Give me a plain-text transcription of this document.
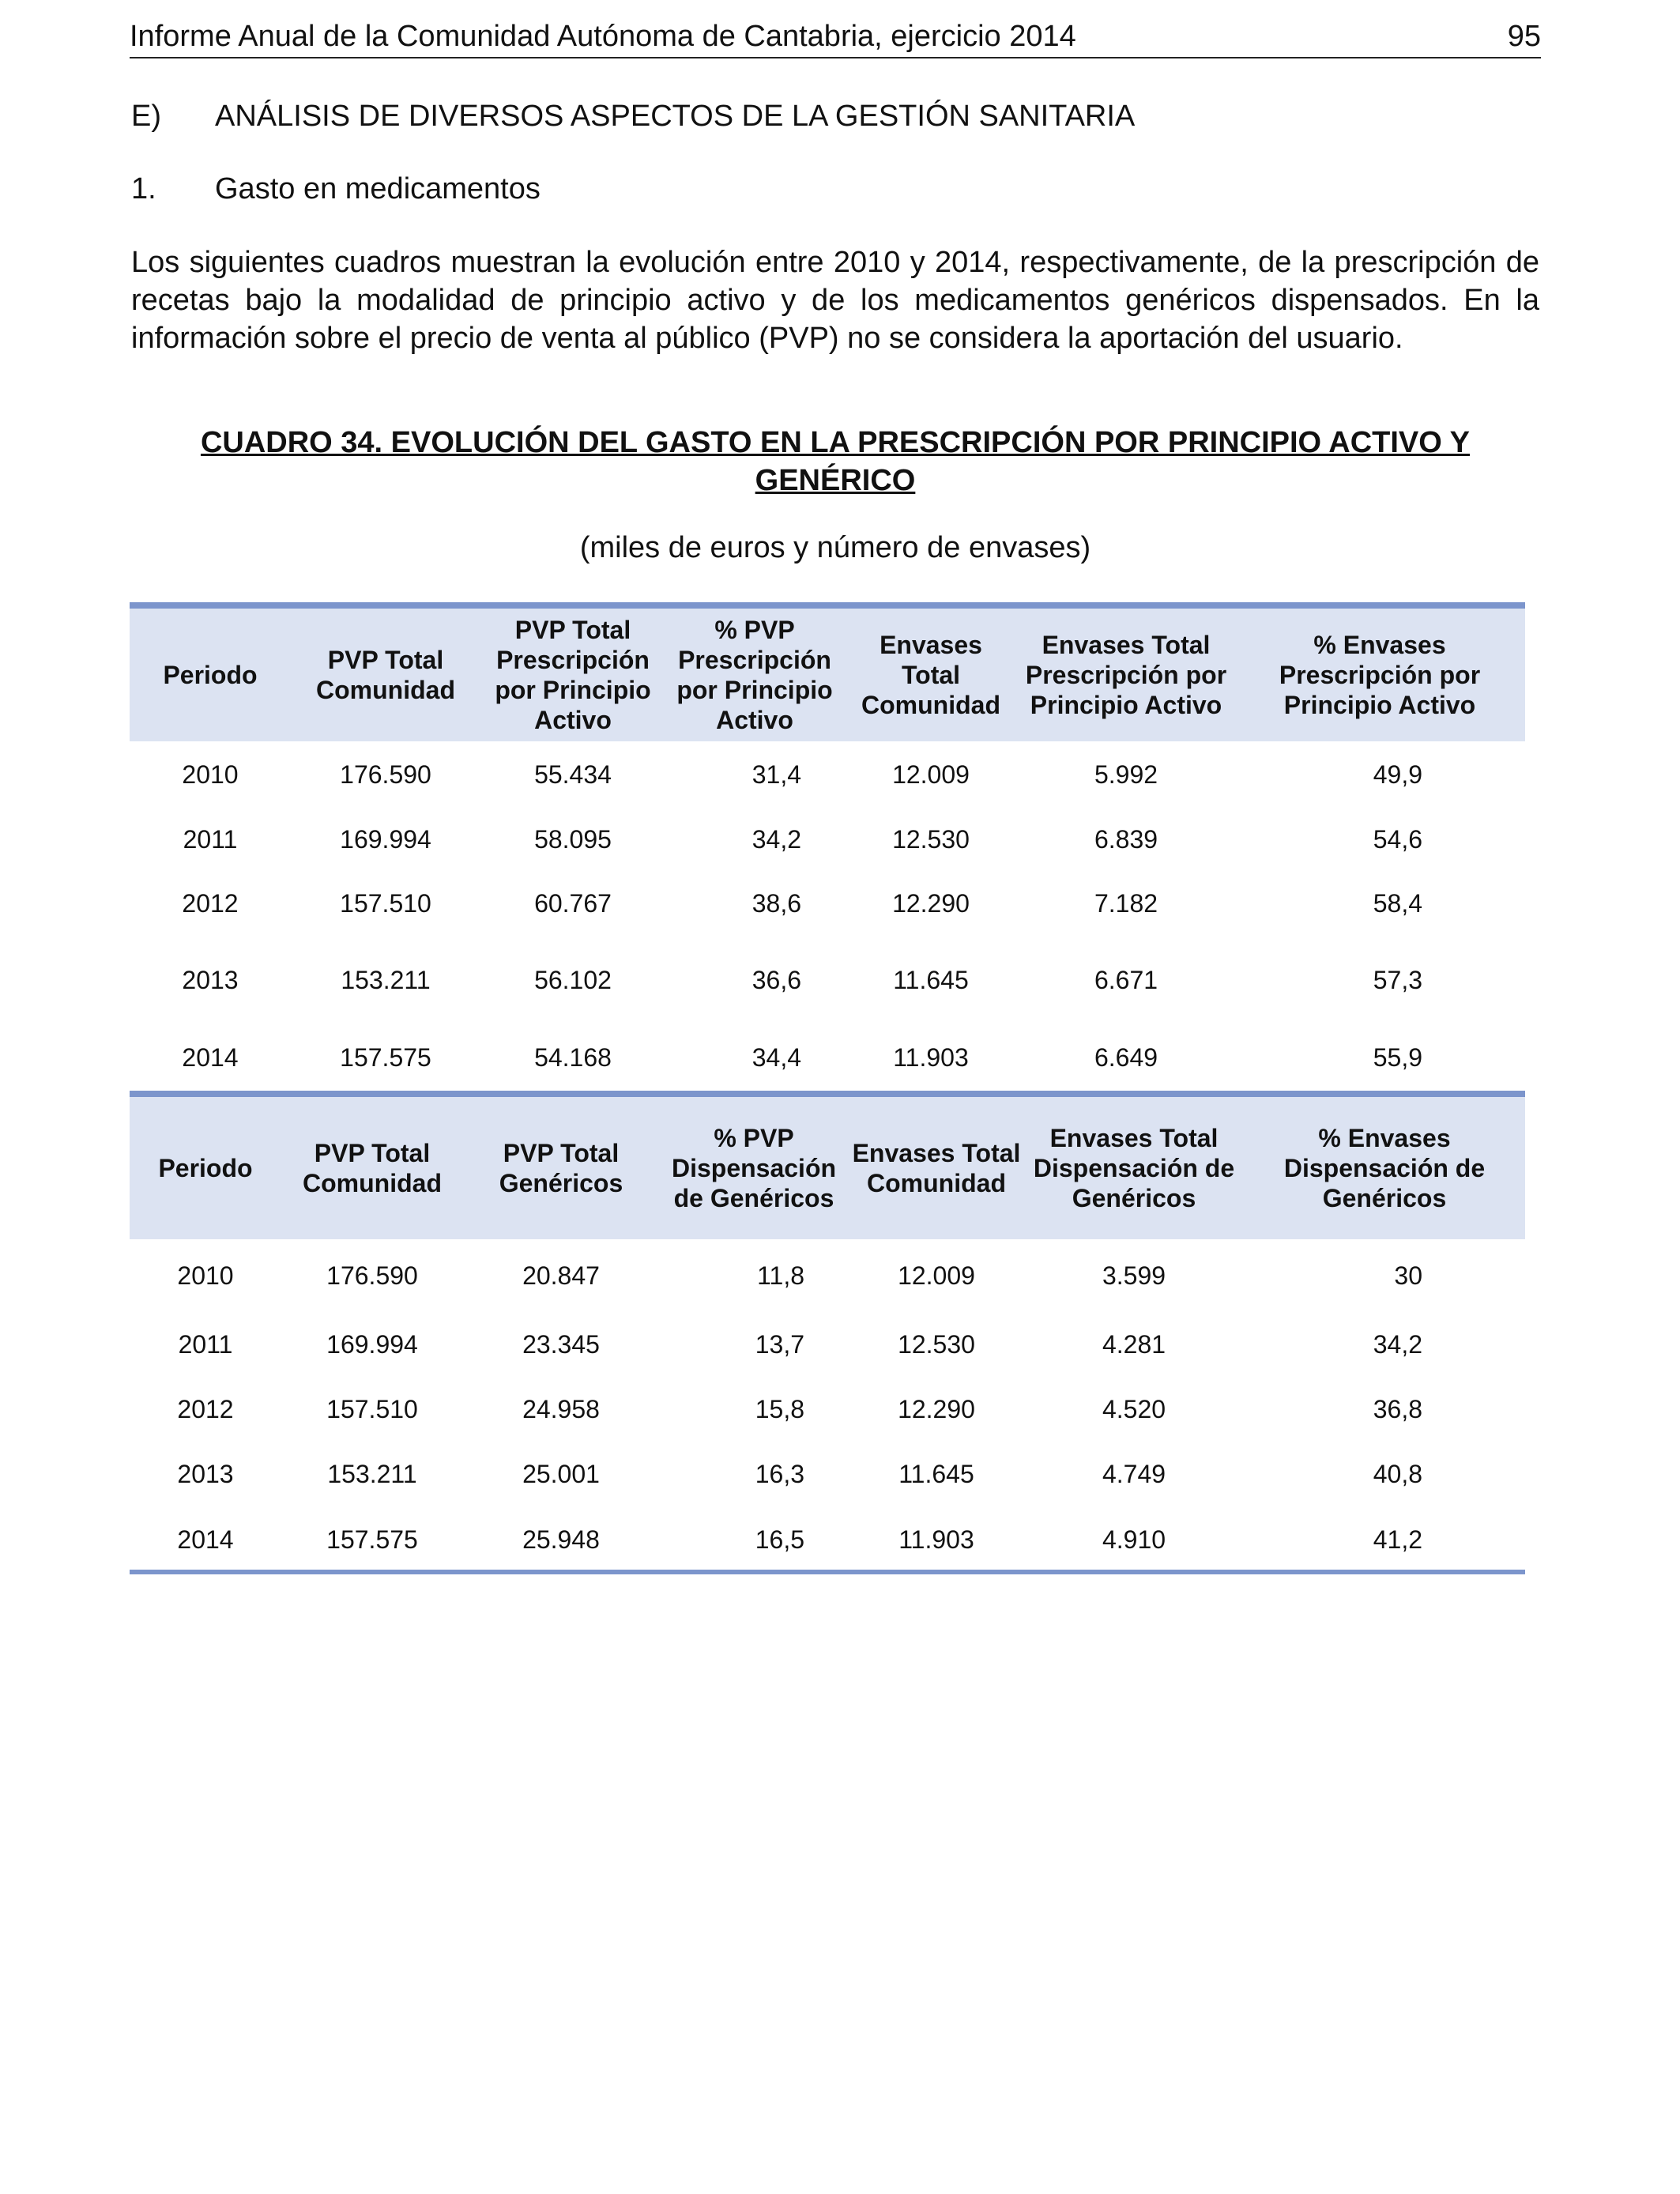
Informe Anual de la Comunidad Autónoma de Cantabria, ejercicio 2014	95
E) ANÁLISIS DE DIVERSOS ASPECTOS DE LA GESTIÓN SANITARIA
1. Gasto en medicamentos
Los siguientes cuadros muestran la evolución entre 2010 y 2014, respectivamente, de la prescripción de recetas bajo la modalidad de principio activo y de los medicamentos genéricos dispensados. En la información sobre el precio de venta al público (PVP) no se considera la aportación del usuario.
CUADRO 34. EVOLUCIÓN DEL GASTO EN LA PRESCRIPCIÓN POR PRINCIPIO ACTIVO Y GENÉRICO
(miles de euros y número de envases)
Periodo	PVP Total Comunidad	PVP Total Prescripción por Principio Activo	% PVP Prescripción por Principio Activo	Envases Total Comunidad	Envases Total Prescripción por Principio Activo	% Envases Prescripción por Principio Activo
2010	176.590	55.434	31,4	12.009	5.992	49,9
2011	169.994	58.095	34,2	12.530	6.839	54,6
2012	157.510	60.767	38,6	12.290	7.182	58,4
2013	153.211	56.102	36,6	11.645	6.671	57,3
2014	157.575	54.168	34,4	11.903	6.649	55,9
Periodo	PVP Total Comunidad	PVP Total Genéricos	% PVP Dispensación de Genéricos	Envases Total Comunidad	Envases Total Dispensación de Genéricos	% Envases Dispensación de Genéricos
2010	176.590	20.847	11,8	12.009	3.599	30
2011	169.994	23.345	13,7	12.530	4.281	34,2
2012	157.510	24.958	15,8	12.290	4.520	36,8
2013	153.211	25.001	16,3	11.645	4.749	40,8
2014	157.575	25.948	16,5	11.903	4.910	41,2
